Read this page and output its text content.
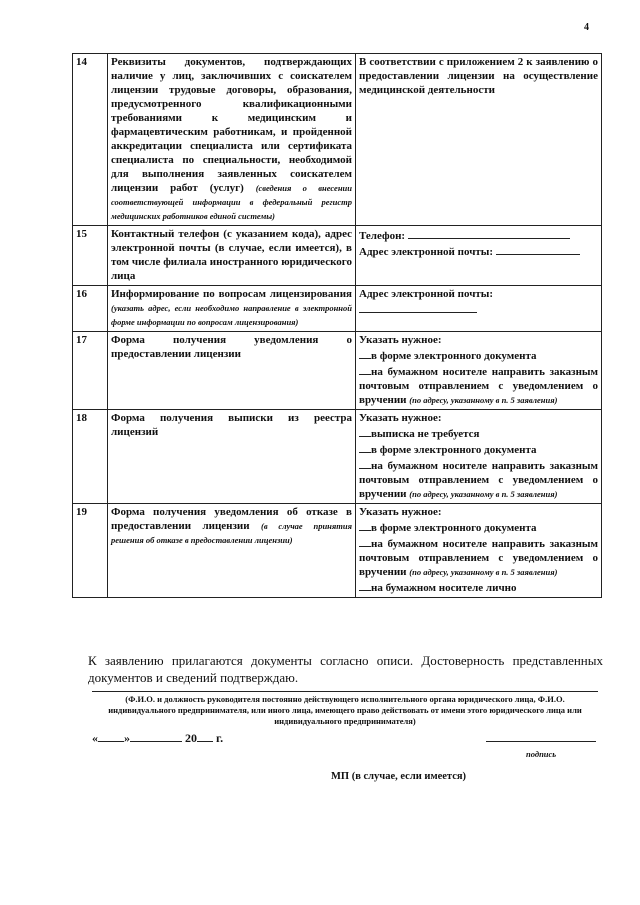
4
14	Реквизиты документов, подтверждающих наличие у лиц, заключивших с соискателем лицензии трудовые договоры, образования, предусмотренного квалификационными требованиями к медицинским и фармацевтическим работникам, и пройденной аккредитации специалиста или сертификата специалиста по специальности, необходимой для выполнения заявленных соискателем лицензии работ (услуг) (сведения о внесении соответствующей информации в федеральный регистр медицинских работников единой системы)	В соответствии с приложением 2 к заявлению о предоставлении лицензии на осуществление медицинской деятельности
15	Контактный телефон (с указанием кода), адрес электронной почты (в случае, если имеется), в том числе филиала иностранного юридического лица	Телефон:
Адрес электронной почты:

16	Информирование по вопросам лицензирования (указать адрес, если необходимо направление в электронной форме информации по вопросам лицензирования)	Адрес электронной почты:

17	Форма получения уведомления о предоставлении лицензии	Указать нужное:
в форме электронного документа
на бумажном носителе направить заказным почтовым отправлением с уведомлением о вручении (по адресу, указанному в п. 5 заявления)

18	Форма получения выписки из реестра лицензий	Указать нужное:
выписка не требуется
в форме электронного документа
на бумажном носителе направить заказным почтовым отправлением с уведомлением о вручении (по адресу, указанному в п. 5 заявления)

19	Форма получения уведомления об отказе в предоставлении лицензии (в случае принятия решения об отказе в предоставлении лицензии)	Указать нужное:
в форме электронного документа
на бумажном носителе направить заказным почтовым отправлением с уведомлением о вручении (по адресу, указанному в п. 5 заявления)
на бумажном носителе лично
К заявлению прилагаются документы согласно описи. Достоверность представленных документов и сведений подтверждаю.
(Ф.И.О. и должность руководителя постоянно действующего исполнительного органа юридического лица, Ф.И.О. индивидуального предпринимателя, или иного лица, имеющего право действовать от имени этого юридического лица или индивидуального предпринимателя)
« »	20 г.
подпись
МП (в случае, если имеется)
